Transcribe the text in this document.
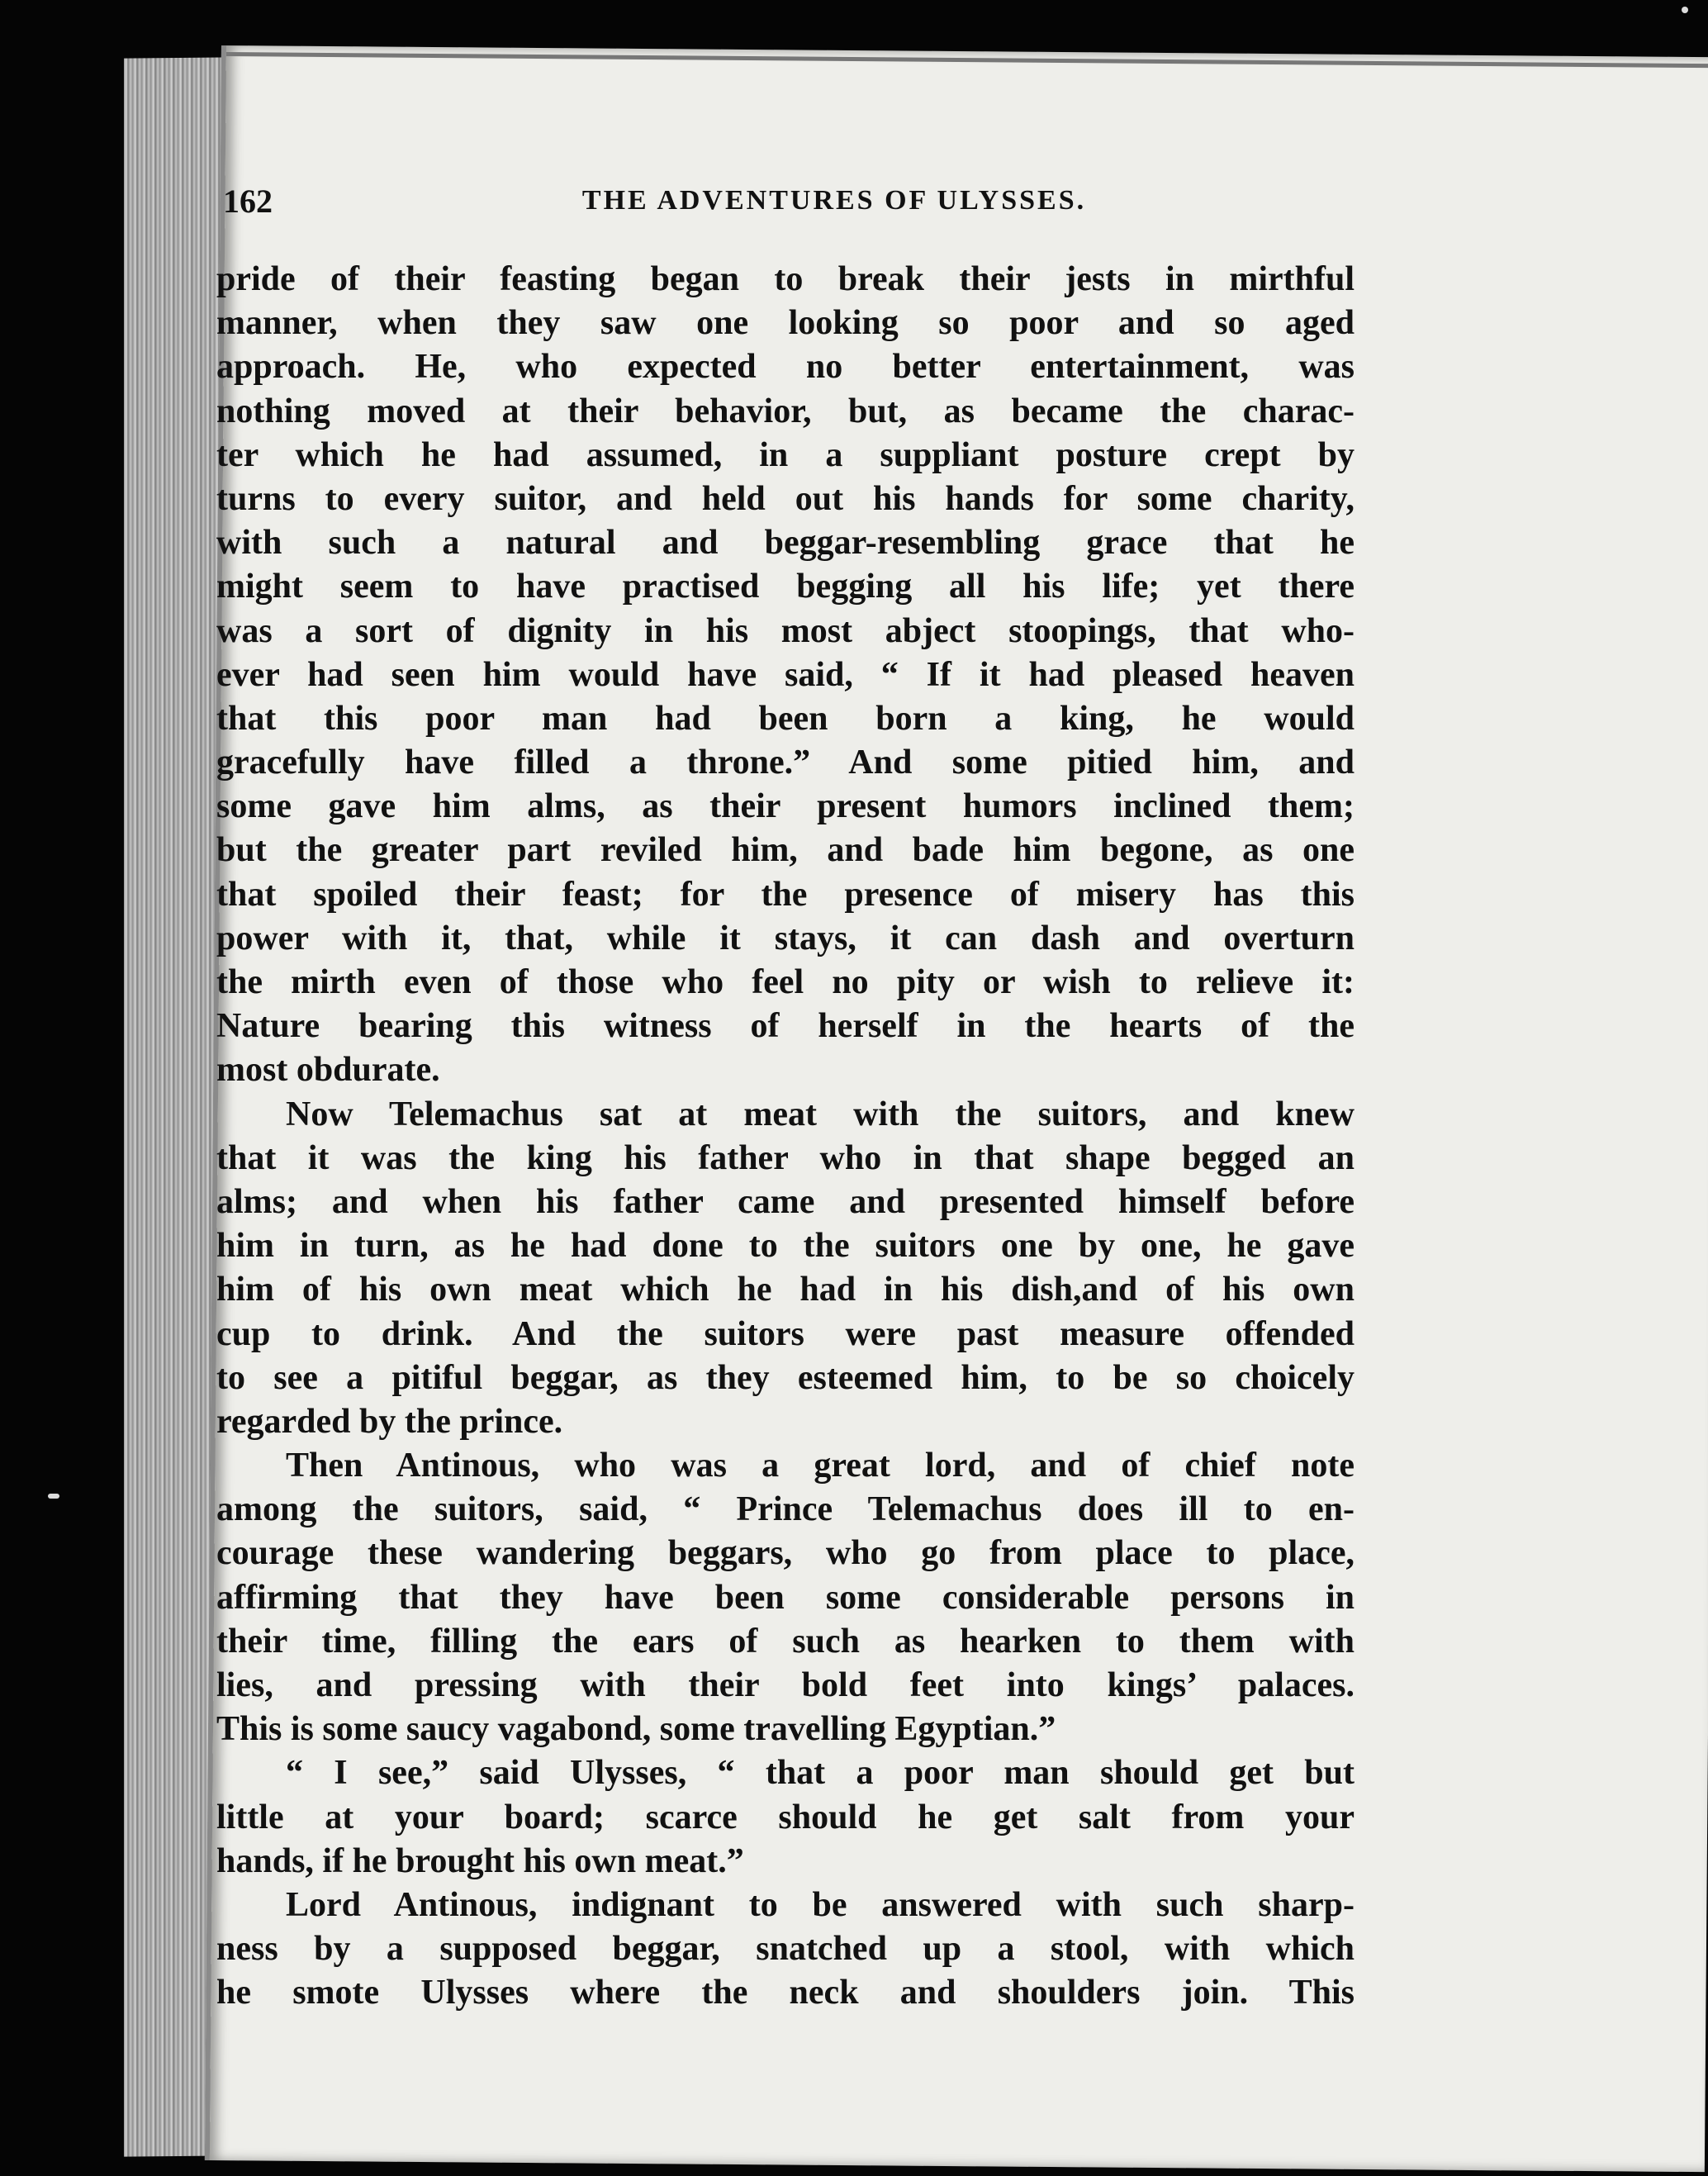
162	THE ADVENTURES OF ULYSSES.
pride of their feasting began to break their jests in mirthful
manner, when they saw one looking so poor and so aged
approach. He, who expected no better entertainment, was
nothing moved at their behavior, but, as became the charac-
ter which he had assumed, in a suppliant posture crept by
turns to every suitor, and held out his hands for some charity,
with such a natural and beggar-resembling grace that he
might seem to have practised begging all his life; yet there
was a sort of dignity in his most abject stoopings, that who-
ever had seen him would have said, “ If it had pleased heaven
that this poor man had been born a king, he would
gracefully have filled a throne.” And some pitied him, and
some gave him alms, as their present humors inclined them;
but the greater part reviled him, and bade him begone, as one
that spoiled their feast; for the presence of misery has this
power with it, that, while it stays, it can dash and overturn
the mirth even of those who feel no pity or wish to relieve it:
Nature bearing this witness of herself in the hearts of the
most obdurate.
Now Telemachus sat at meat with the suitors, and knew
that it was the king his father who in that shape begged an
alms; and when his father came and presented himself before
him in turn, as he had done to the suitors one by one, he gave
him of his own meat which he had in his dish,and of his own
cup to drink. And the suitors were past measure offended
to see a pitiful beggar, as they esteemed him, to be so choicely
regarded by the prince.
Then Antinous, who was a great lord, and of chief note
among the suitors, said, “ Prince Telemachus does ill to en-
courage these wandering beggars, who go from place to place,
affirming that they have been some considerable persons in
their time, filling the ears of such as hearken to them with
lies, and pressing with their bold feet into kings’ palaces.
This is some saucy vagabond, some travelling Egyptian.”
“ I see,” said Ulysses, “ that a poor man should get but
little at your board; scarce should he get salt from your
hands, if he brought his own meat.”
Lord Antinous, indignant to be answered with such sharp-
ness by a supposed beggar, snatched up a stool, with which
he smote Ulysses where the neck and shoulders join. This
